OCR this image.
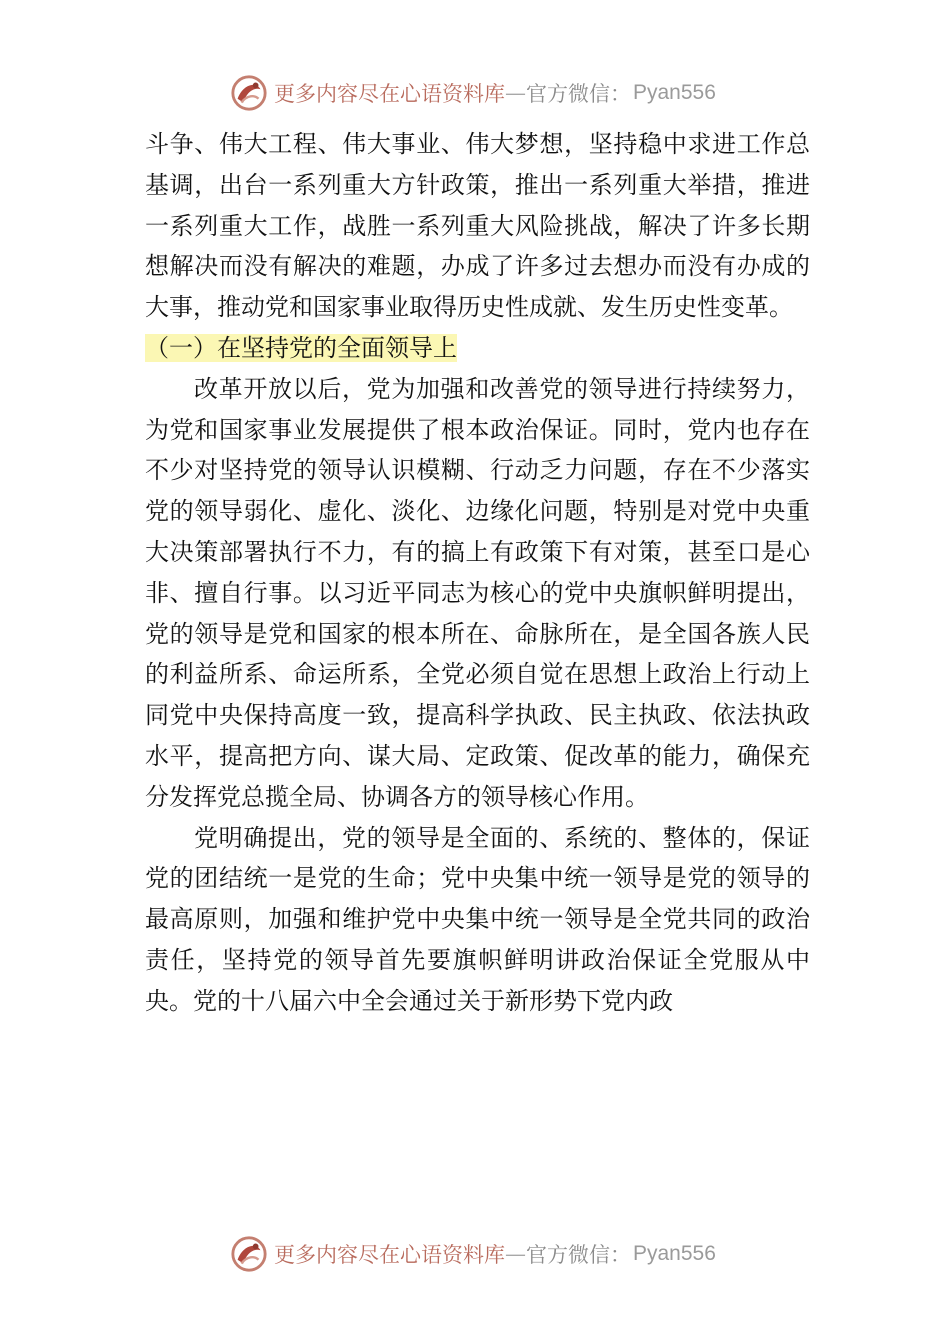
更多内容尽在心语资料库 — 官方微信： Pyan556

斗争、伟大工程、伟大事业、伟大梦想，坚持稳中求进工作总基调，出台一系列重大方针政策，推出一系列重大举措，推进一系列重大工作，战胜一系列重大风险挑战，解决了许多长期想解决而没有解决的难题，办成了许多过去想办而没有办成的大事，推动党和国家事业取得历史性成就、发生历史性变革。

（一）在坚持党的全面领导上

改革开放以后，党为加强和改善党的领导进行持续努力，为党和国家事业发展提供了根本政治保证。同时，党内也存在不少对坚持党的领导认识模糊、行动乏力问题，存在不少落实党的领导弱化、虚化、淡化、边缘化问题，特别是对党中央重大决策部署执行不力，有的搞上有政策下有对策，甚至口是心非、擅自行事。以习近平同志为核心的党中央旗帜鲜明提出，党的领导是党和国家的根本所在、命脉所在，是全国各族人民的利益所系、命运所系，全党必须自觉在思想上政治上行动上同党中央保持高度一致，提高科学执政、民主执政、依法执政水平，提高把方向、谋大局、定政策、促改革的能力，确保充分发挥党总揽全局、协调各方的领导核心作用。

党明确提出，党的领导是全面的、系统的、整体的，保证党的团结统一是党的生命；党中央集中统一领导是党的领导的最高原则，加强和维护党中央集中统一领导是全党共同的政治责任，坚持党的领导首先要旗帜鲜明讲政治保证全党服从中央。党的十八届六中全会通过关于新形势下党内政

更多内容尽在心语资料库 — 官方微信： Pyan556
